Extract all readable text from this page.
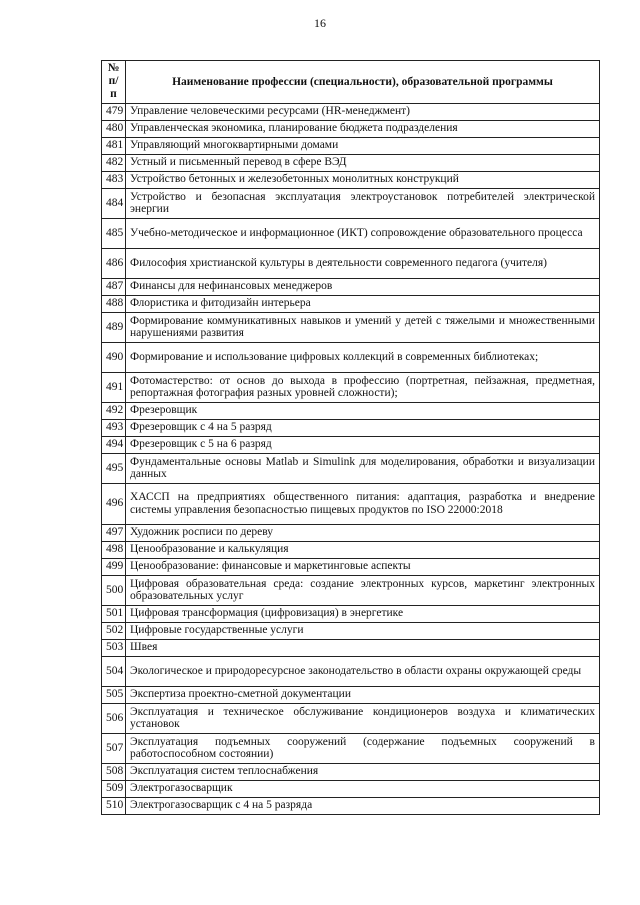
16
№
п/п	Наименование профессии (специальности), образовательной программы
479	Управление человеческими ресурсами (HR-менеджмент)
480	Управленческая экономика, планирование бюджета подразделения
481	Управляющий многоквартирными домами
482	Устный и письменный перевод в сфере ВЭД
483	Устройство бетонных и железобетонных монолитных конструкций
484	Устройство и безопасная эксплуатация электроустановок потребителей электрической энергии
485	Учебно-методическое и информационное (ИКТ) сопровождение образовательного процесса
486	Философия христианской культуры в деятельности современного педагога (учителя)
487	Финансы для нефинансовых менеджеров
488	Флористика и фитодизайн интерьера
489	Формирование коммуникативных навыков и умений у детей с тяжелыми и множественными нарушениями развития
490	Формирование и использование цифровых коллекций в современных библиотеках;
491	Фотомастерство: от основ до выхода в профессию (портретная, пейзажная, предметная, репортажная фотография разных уровней сложности);
492	Фрезеровщик
493	Фрезеровщик с 4 на 5 разряд
494	Фрезеровщик с 5 на 6 разряд
495	Фундаментальные основы Matlab и Simulink для моделирования, обработки и визуализации данных
496	ХАССП на предприятиях общественного питания: адаптация, разработка и внедрение системы управления безопасностью пищевых продуктов по ISO 22000:2018
497	Художник росписи по дереву
498	Ценообразование и калькуляция
499	Ценообразование: финансовые и маркетинговые аспекты
500	Цифровая образовательная среда: создание электронных курсов, маркетинг электронных образовательных услуг
501	Цифровая трансформация (цифровизация) в энергетике
502	Цифровые государственные услуги
503	Швея
504	Экологическое и природоресурсное законодательство в области охраны окружающей среды
505	Экспертиза проектно-сметной документации
506	Эксплуатация и техническое обслуживание кондиционеров воздуха и климатических установок
507	Эксплуатация подъемных сооружений (содержание подъемных сооружений в работоспособном состоянии)
508	Эксплуатация систем теплоснабжения
509	Электрогазосварщик
510	Электрогазосварщик с 4 на 5 разряда
